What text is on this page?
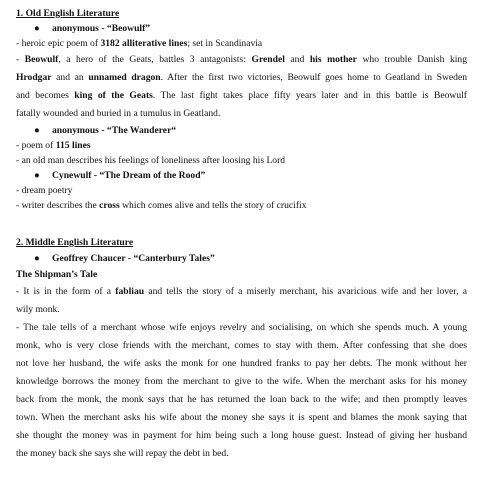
1. Old English Literature
● anonymous - “Beowulf”
- heroic epic poem of 3182 alliterative lines; set in Scandinavia
- Beowulf, a hero of the Geats, battles 3 antagonists: Grendel and his mother who trouble Danish king
Hrodgar and an unnamed dragon. After the first two victories, Beowulf goes home to Geatland in Sweden
and becomes king of the Geats. The last fight takes place fifty years later and in this battle is Beowulf
fatally wounded and buried in a tumulus in Geatland.
● anonymous - “The Wanderer“
- poem of 115 lines
- an old man describes his feelings of loneliness after loosing his Lord
● Cynewulf - “The Dream of the Rood”
- dream poetry
- writer describes the cross which comes alive and tells the story of crucifix
2. Middle English Literature
● Geoffrey Chaucer - “Canterbury Tales”
The Shipman’s Tale
- It is in the form of a fabliau and tells the story of a miserly merchant, his avaricious wife and her lover, a
wily monk.
- The tale tells of a merchant whose wife enjoys revelry and socialising, on which she spends much. A young
monk, who is very close friends with the merchant, comes to stay with them. After confessing that she does
not love her husband, the wife asks the monk for one hundred franks to pay her debts. The monk without her
knowledge borrows the money from the merchant to give to the wife. When the merchant asks for his money
back from the monk, the monk says that he has returned the loan back to the wife; and then promptly leaves
town. When the merchant asks his wife about the money she says it is spent and blames the monk saying that
she thought the money was in payment for him being such a long house guest. Instead of giving her husband
the money back she says she will repay the debt in bed.
